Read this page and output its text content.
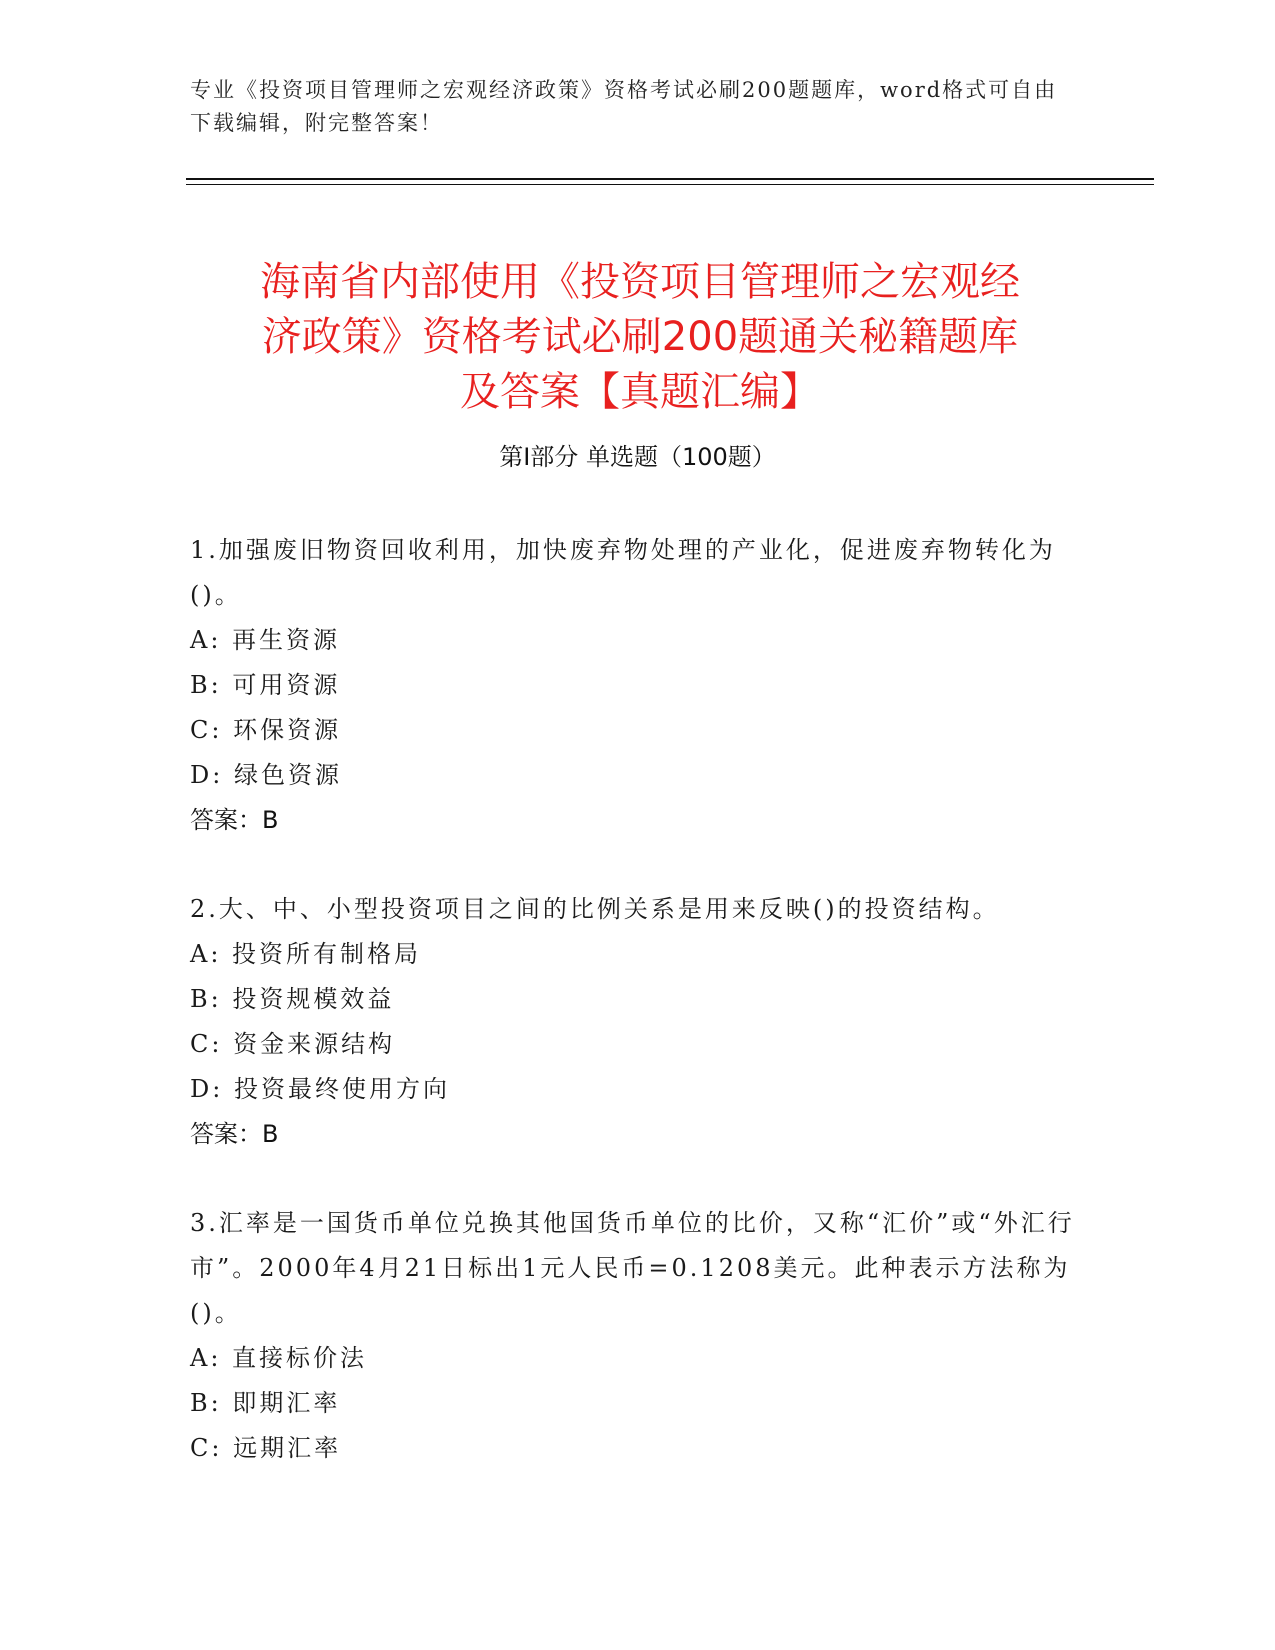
专业《投资项目管理师之宏观经济政策》资格考试必刷200题题库，word格式可自由下载编辑，附完整答案！
海南省内部使用《投资项目管理师之宏观经
济政策》资格考试必刷200题通关秘籍题库
及答案【真题汇编】
第Ⅰ部分 单选题（100题）

1.加强废旧物资回收利用，加快废弃物处理的产业化，促进废弃物转化为()。

A: 再生资源

B: 可用资源

C: 环保资源

D: 绿色资源

答案：B

2.大、中、小型投资项目之间的比例关系是用来反映()的投资结构。

A: 投资所有制格局

B: 投资规模效益

C: 资金来源结构

D: 投资最终使用方向

答案：B

3.汇率是一国货币单位兑换其他国货币单位的比价，又称“汇价”或“外汇行市”。2000年4月21日标出1元人民币=0.1208美元。此种表示方法称为()。

A: 直接标价法

B: 即期汇率

C: 远期汇率
